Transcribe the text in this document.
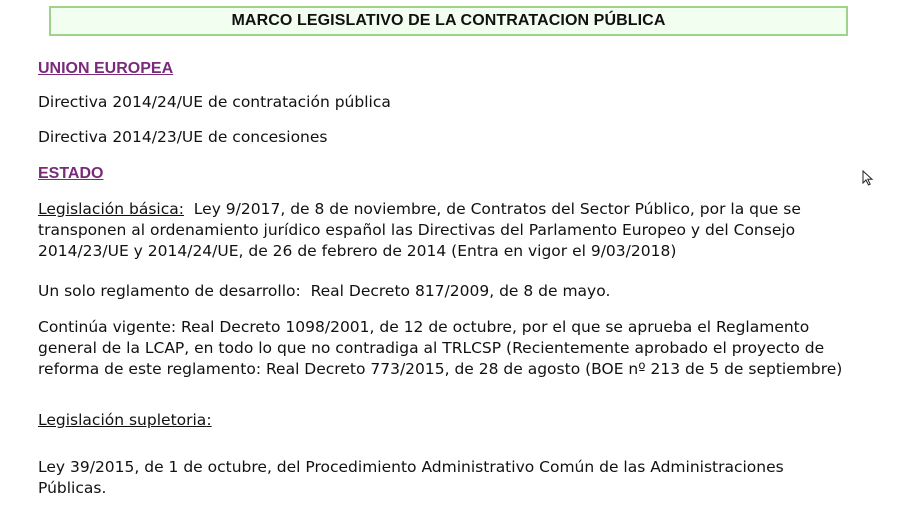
MARCO LEGISLATIVO DE LA CONTRATACION PÚBLICA
UNION EUROPEA

Directiva 2014/24/UE de contratación pública

Directiva 2014/23/UE de concesiones

ESTADO

Legislación básica:  Ley 9/2017, de 8 de noviembre, de Contratos del Sector Público, por la que se transponen al ordenamiento jurídico español las Directivas del Parlamento Europeo y del Consejo 2014/23/UE y 2014/24/UE, de 26 de febrero de 2014 (Entra en vigor el 9/03/2018)

Un solo reglamento de desarrollo:  Real Decreto 817/2009, de 8 de mayo.

Continúa vigente: Real Decreto 1098/2001, de 12 de octubre, por el que se aprueba el Reglamento general de la LCAP, en todo lo que no contradiga al TRLCSP (Recientemente aprobado el proyecto de reforma de este reglamento: Real Decreto 773/2015, de 28 de agosto (BOE nº 213 de 5 de septiembre)

Legislación supletoria:

Ley 39/2015, de 1 de octubre, del Procedimiento Administrativo Común de las Administraciones Públicas.
